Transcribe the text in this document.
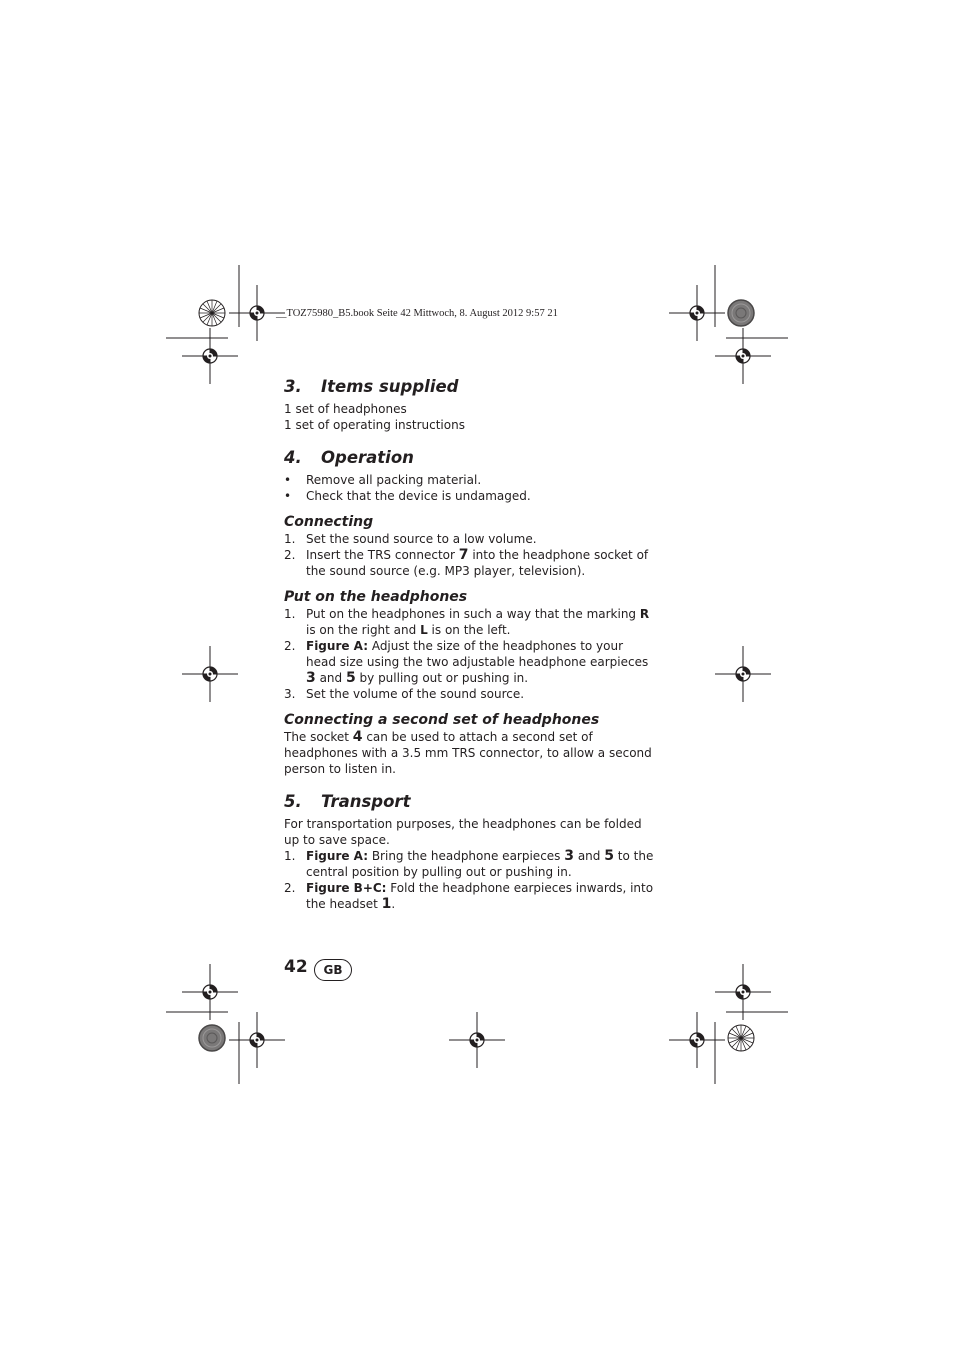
__TOZ75980_B5.book Seite 42 Mittwoch, 8. August 2012 9:57 21
3. Items supplied

1 set of headphones

1 set of operating instructions

4. Operation
• Remove all packing material.
• Check that the device is undamaged.
Connecting
1. Set the sound source to a low volume.
2. Insert the TRS connector 7 into the headphone socket of the sound source (e.g. MP3 player, television).
Put on the headphones
1. Put on the headphones in such a way that the marking R is on the right and L is on the left.
2. Figure A: Adjust the size of the headphones to your head size using the two adjustable headphone earpieces 3 and 5 by pulling out or pushing in.
3. Set the volume of the sound source.
Connecting a second set of headphones

The socket 4 can be used to attach a second set of headphones with a 3.5 mm TRS connector, to allow a second person to listen in.

5. Transport

For transportation purposes, the headphones can be folded up to save space.

1. Figure A: Bring the headphone earpieces 3 and 5 to the central position by pulling out or pushing in.
2. Figure B+C: Fold the headphone earpieces inwards, into the headset 1.
42	GB
